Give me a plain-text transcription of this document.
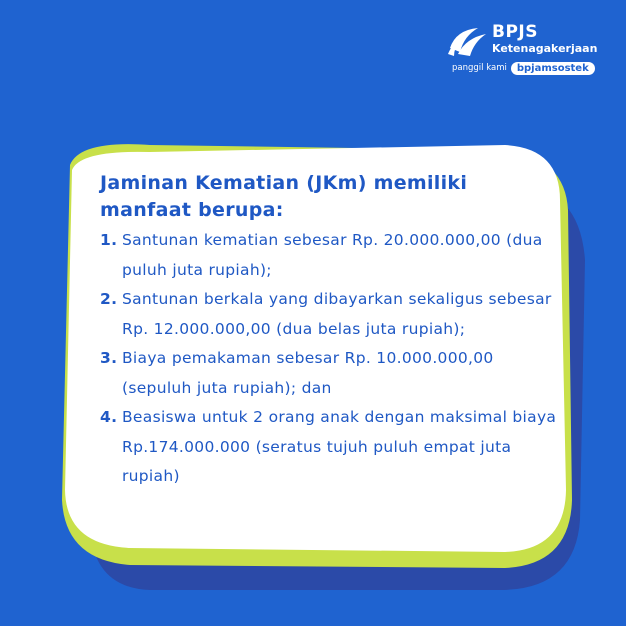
BPJS
Ketenagakerjaan
panggil kami	bpjamsostek
Jaminan Kematian (JKm) memiliki manfaat berupa:
1. Santunan kematian sebesar Rp. 20.000.000,00 (dua puluh juta rupiah);
2. Santunan berkala yang dibayarkan sekaligus sebesar Rp. 12.000.000,00 (dua belas juta rupiah);
3. Biaya pemakaman sebesar Rp. 10.000.000,00 (sepuluh juta rupiah); dan
4. Beasiswa untuk 2 orang anak dengan maksimal biaya Rp.174.000.000 (seratus tujuh puluh empat juta rupiah)
